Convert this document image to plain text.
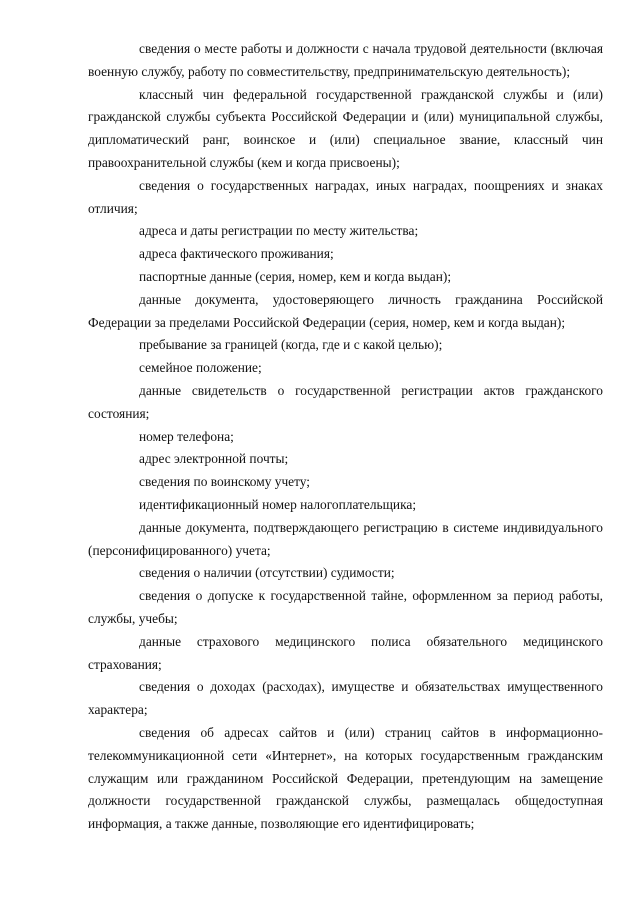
сведения о месте работы и должности с начала трудовой деятельности (включая военную службу, работу по совместительству, предпринимательскую деятельность);

классный чин федеральной государственной гражданской службы и (или) гражданской службы субъекта Российской Федерации и (или) муниципальной службы, дипломатический ранг, воинское и (или) специальное звание, классный чин правоохранительной службы (кем и когда присвоены);

сведения о государственных наградах, иных наградах, поощрениях и знаках отличия;

адреса и даты регистрации по месту жительства;

адреса фактического проживания;

паспортные данные (серия, номер, кем и когда выдан);

данные документа, удостоверяющего личность гражданина Российской Федерации за пределами Российской Федерации (серия, номер, кем и когда выдан);

пребывание за границей (когда, где и с какой целью);

семейное положение;

данные свидетельств о государственной регистрации актов гражданского состояния;

номер телефона;

адрес электронной почты;

сведения по воинскому учету;

идентификационный номер налогоплательщика;

данные документа, подтверждающего регистрацию в системе индивидуального (персонифицированного) учета;

сведения о наличии (отсутствии) судимости;

сведения о допуске к государственной тайне, оформленном за период работы, службы, учебы;

данные страхового медицинского полиса обязательного медицинского страхования;

сведения о доходах (расходах), имуществе и обязательствах имущественного характера;

сведения об адресах сайтов и (или) страниц сайтов в информационно-телекоммуникационной сети «Интернет», на которых государственным гражданским служащим или гражданином Российской Федерации, претендующим на замещение должности государственной гражданской службы, размещалась общедоступная информация, а также данные, позволяющие его идентифицировать;
